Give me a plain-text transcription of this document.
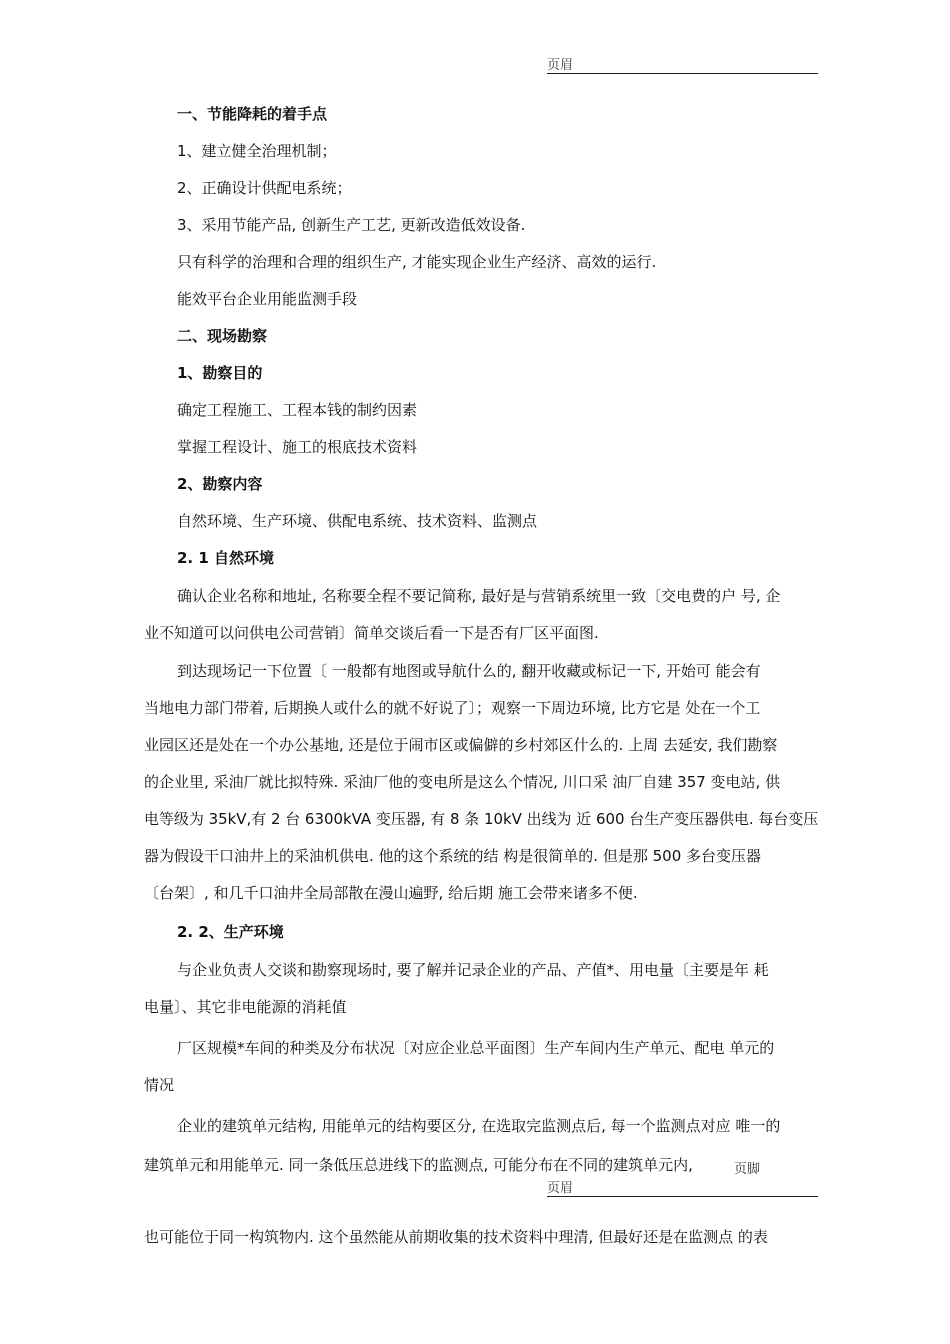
页眉
一、节能降耗的着手点
1、建立健全治理机制；
2、正确设计供配电系统；
3、采用节能产品, 创新生产工艺, 更新改造低效设备.
只有科学的治理和合理的组织生产, 才能实现企业生产经济、高效的运行.
能效平台企业用能监测手段
二、现场勘察
1、勘察目的
确定工程施工、工程本钱的制约因素
掌握工程设计、施工的根底技术资料
2、勘察内容
自然环境、生产环境、供配电系统、技术资料、监测点
2. 1 自然环境
确认企业名称和地址, 名称要全程不要记简称, 最好是与营销系统里一致〔交电费的户 号, 企
业不知道可以问供电公司营销〕简单交谈后看一下是否有厂区平面图.
到达现场记一下位置〔 一般都有地图或导航什么的, 翻开收藏或标记一下, 开始可 能会有
当地电力部门带着, 后期换人或什么的就不好说了〕；观察一下周边环境, 比方它是 处在一个工
业园区还是处在一个办公基地, 还是位于闹市区或偏僻的乡村郊区什么的. 上周 去延安, 我们勘察
的企业里, 采油厂就比拟特殊. 采油厂他的变电所是这么个情况, 川口采 油厂自建 357 变电站, 供
电等级为 35kV,有 2 台 6300kVA 变压器, 有 8 条 10kV 出线为 近 600 台生产变压器供电. 每台变压
器为假设干口油井上的采油机供电. 他的这个系统的结 构是很简单的. 但是那 500 多台变压器
〔台架〕, 和几千口油井全局部散在漫山遍野, 给后期 施工会带来诸多不便.
2. 2、生产环境
与企业负责人交谈和勘察现场时, 要了解并记录企业的产品、产值*、用电量〔主要是年 耗
电量〕、其它非电能源的消耗值
厂区规模*车间的种类及分布状况〔对应企业总平面图〕生产车间内生产单元、配电 单元的
情况
企业的建筑单元结构, 用能单元的结构要区分, 在选取完监测点后, 每一个监测点对应 唯一的
建筑单元和用能单元. 同一条低压总进线下的监测点, 可能分布在不同的建筑单元内,	页脚
页眉
也可能位于同一构筑物内. 这个虽然能从前期收集的技术资料中理清, 但最好还是在监测点 的表
